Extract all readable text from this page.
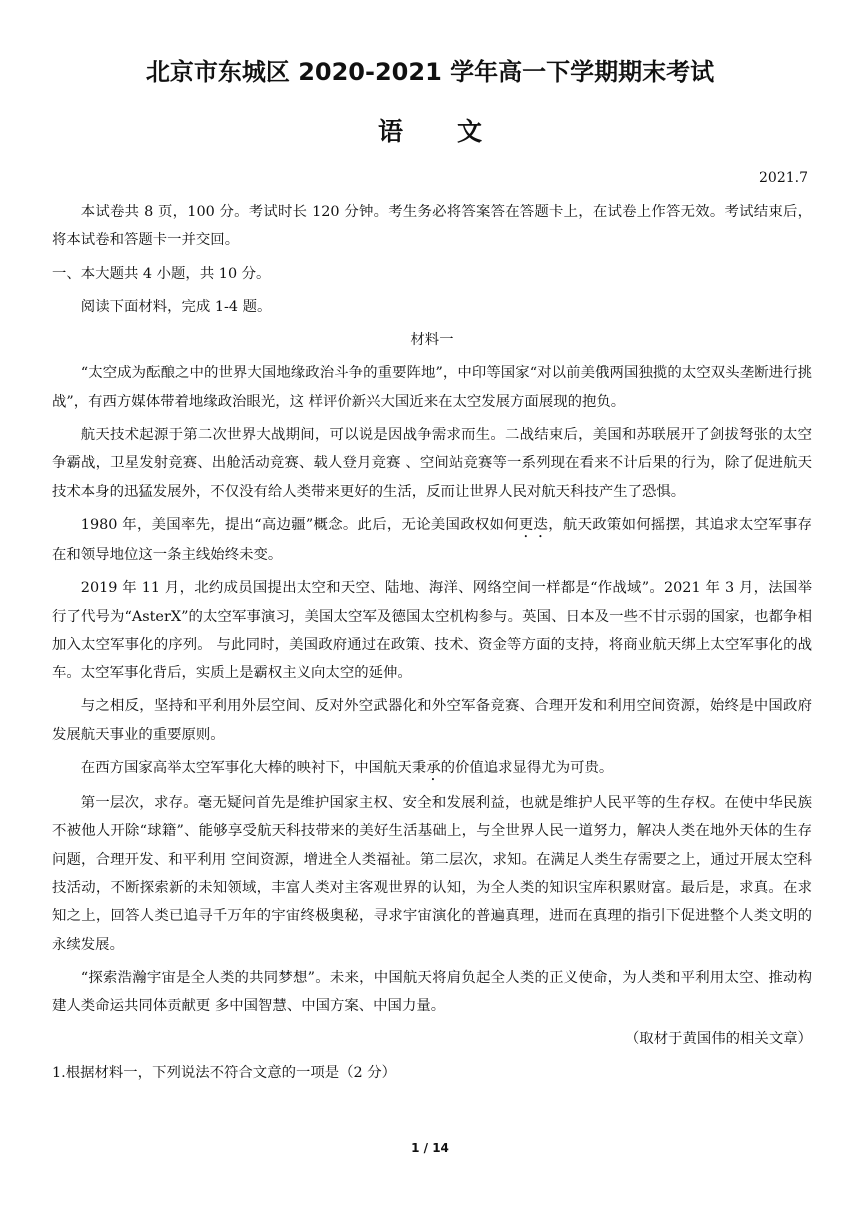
北京市东城区 2020-2021 学年高一下学期期末考试
语 文
2021.7

本试卷共 8 页，100 分。考试时长 120 分钟。考生务必将答案答在答题卡上，在试卷上作答无效。考试结束后，将本试卷和答题卡一并交回。

一、本大题共 4 小题，共 10 分。

阅读下面材料，完成 1-4 题。

材料一

“太空成为酝酿之中的世界大国地缘政治斗争的重要阵地”，中印等国家“对以前美俄两国独揽的太空双头垄断进行挑战”，有西方媒体带着地缘政治眼光，这 样评价新兴大国近来在太空发展方面展现的抱负。

航天技术起源于第二次世界大战期间，可以说是因战争需求而生。二战结束后，美国和苏联展开了剑拔弩张的太空争霸战，卫星发射竞赛、出舱活动竞赛、载人登月竞赛 、空间站竞赛等一系列现在看来不计后果的行为，除了促进航天技术本身的迅猛发展外，不仅没有给人类带来更好的生活，反而让世界人民对航天科技产生了恐惧。

1980 年，美国率先，提出“高边疆”概念。此后，无论美国政权如何更迭，航天政策如何摇摆，其追求太空军事存在和领导地位这一条主线始终未变。

2019 年 11 月，北约成员国提出太空和天空、陆地、海洋、网络空间一样都是“作战域”。2021 年 3 月，法国举行了代号为“AsterX”的太空军事演习，美国太空军及德国太空机构参与。英国、日本及一些不甘示弱的国家，也都争相加入太空军事化的序列。 与此同时，美国政府通过在政策、技术、资金等方面的支持，将商业航天绑上太空军事化的战车。太空军事化背后，实质上是霸权主义向太空的延伸。

与之相反，坚持和平利用外层空间、反对外空武器化和外空军备竞赛、合理开发和利用空间资源，始终是中国政府发展航天事业的重要原则。

在西方国家高举太空军事化大棒的映衬下，中国航天秉承的价值追求显得尤为可贵。

第一层次，求存。毫无疑问首先是维护国家主权、安全和发展利益，也就是维护人民平等的生存权。在使中华民族不被他人开除“球籍”、能够享受航天科技带来的美好生活基础上，与全世界人民一道努力，解决人类在地外天体的生存问题，合理开发、和平利用 空间资源，增进全人类福祉。第二层次，求知。在满足人类生存需要之上，通过开展太空科技活动，不断探索新的未知领域，丰富人类对主客观世界的认知，为全人类的知识宝库积累财富。最后是，求真。在求知之上，回答人类已追寻千万年的宇宙终极奥秘，寻求宇宙演化的普遍真理，进而在真理的指引下促进整个人类文明的永续发展。

“探索浩瀚宇宙是全人类的共同梦想”。未来，中国航天将肩负起全人类的正义使命，为人类和平利用太空、推动构建人类命运共同体贡献更 多中国智慧、中国方案、中国力量。

（取材于黄国伟的相关文章）

1.根据材料一，下列说法不符合文意的一项是（2 分）

1 / 14
